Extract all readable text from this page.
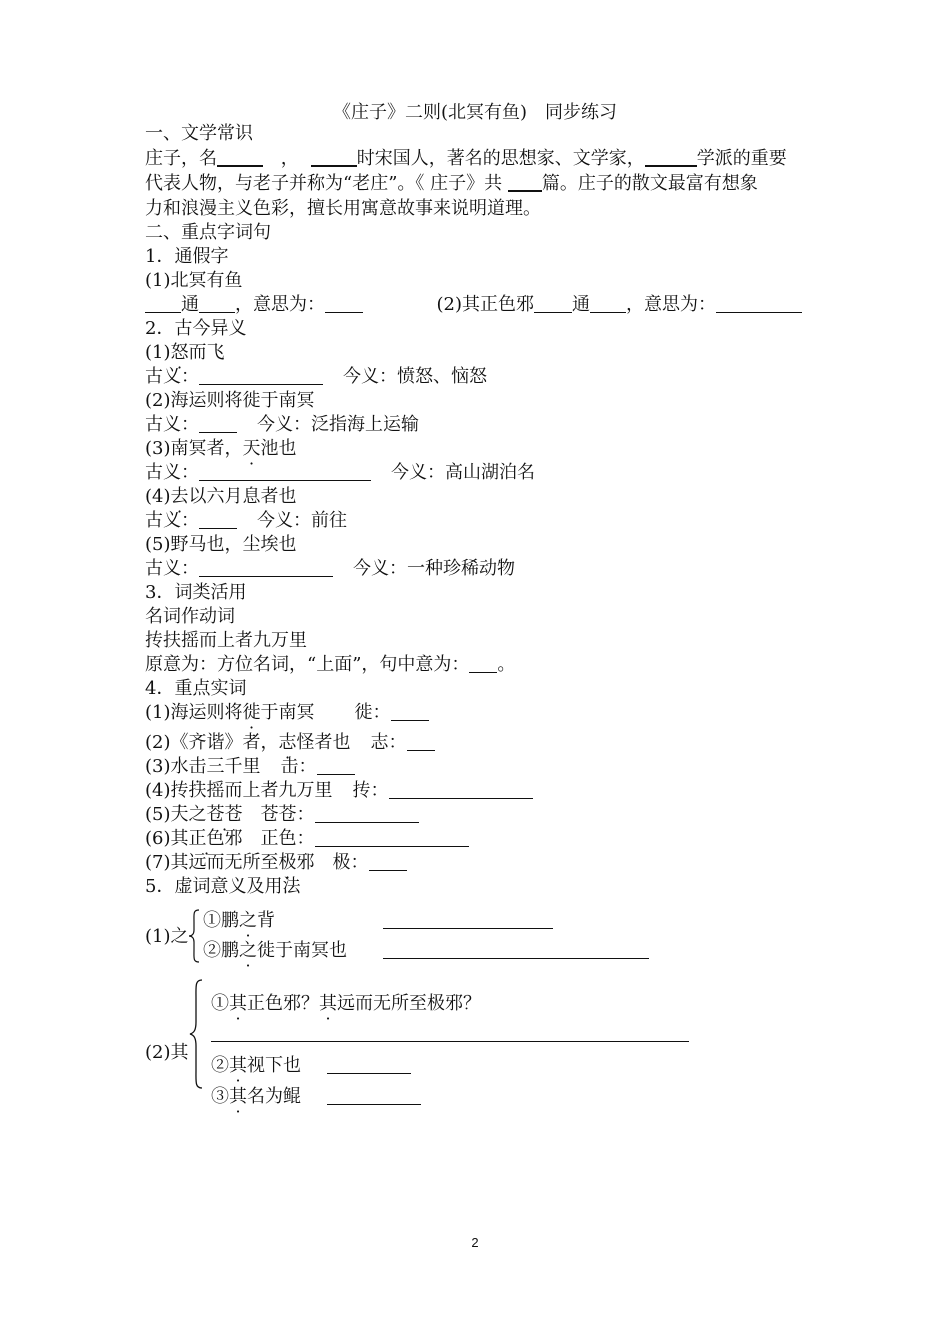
《庄子》二则(北冥有鱼)　同步练习
一、文学常识
庄子，名	，	时宋国人，著名的思想家、文学家，	学派的重要
代表人物，与老子并称为“老庄”。《 庄子》共 篇。庄子的散文最富有想象
力和浪漫主义色彩，擅长用寓意故事来说明道理。
二、重点字词句
1．通假字
(1)北冥有鱼
通 ，意思为：	(2)其正色邪 通 ，意思为：
2．古今异义
(1)怒而飞
古义：	今义：愤怒、恼怒
(2)海运则将徙于南冥
古义：	今义：泛指海上运输
(3)南冥者，天池也
古义：	今义：高山湖泊名
(4)去以六月息者也
古义：	今义：前往
(5)野马也，尘埃也
古义：	今义：一种珍稀动物
3．词类活用
名词作动词
抟扶摇而上者九万里
原意为：方位名词，“上面”，句中意为： 。
4．重点实词
(1)海运则将徙于南冥 徙：
(2)《齐谐》者，志怪者也 志：
(3)水击三千里 击：
(4)抟扶摇而上者九万里 抟：
(5)天之苍苍 苍苍：
(6)其正色邪 正色：
(7)其远而无所至极邪 极：
5．虚词意义及用法
(1)之
①鹏之背
②鹏之徙于南冥也
(2)其
①其正色邪？其远而无所至极邪？
②其视下也
③其名为鲲
2
